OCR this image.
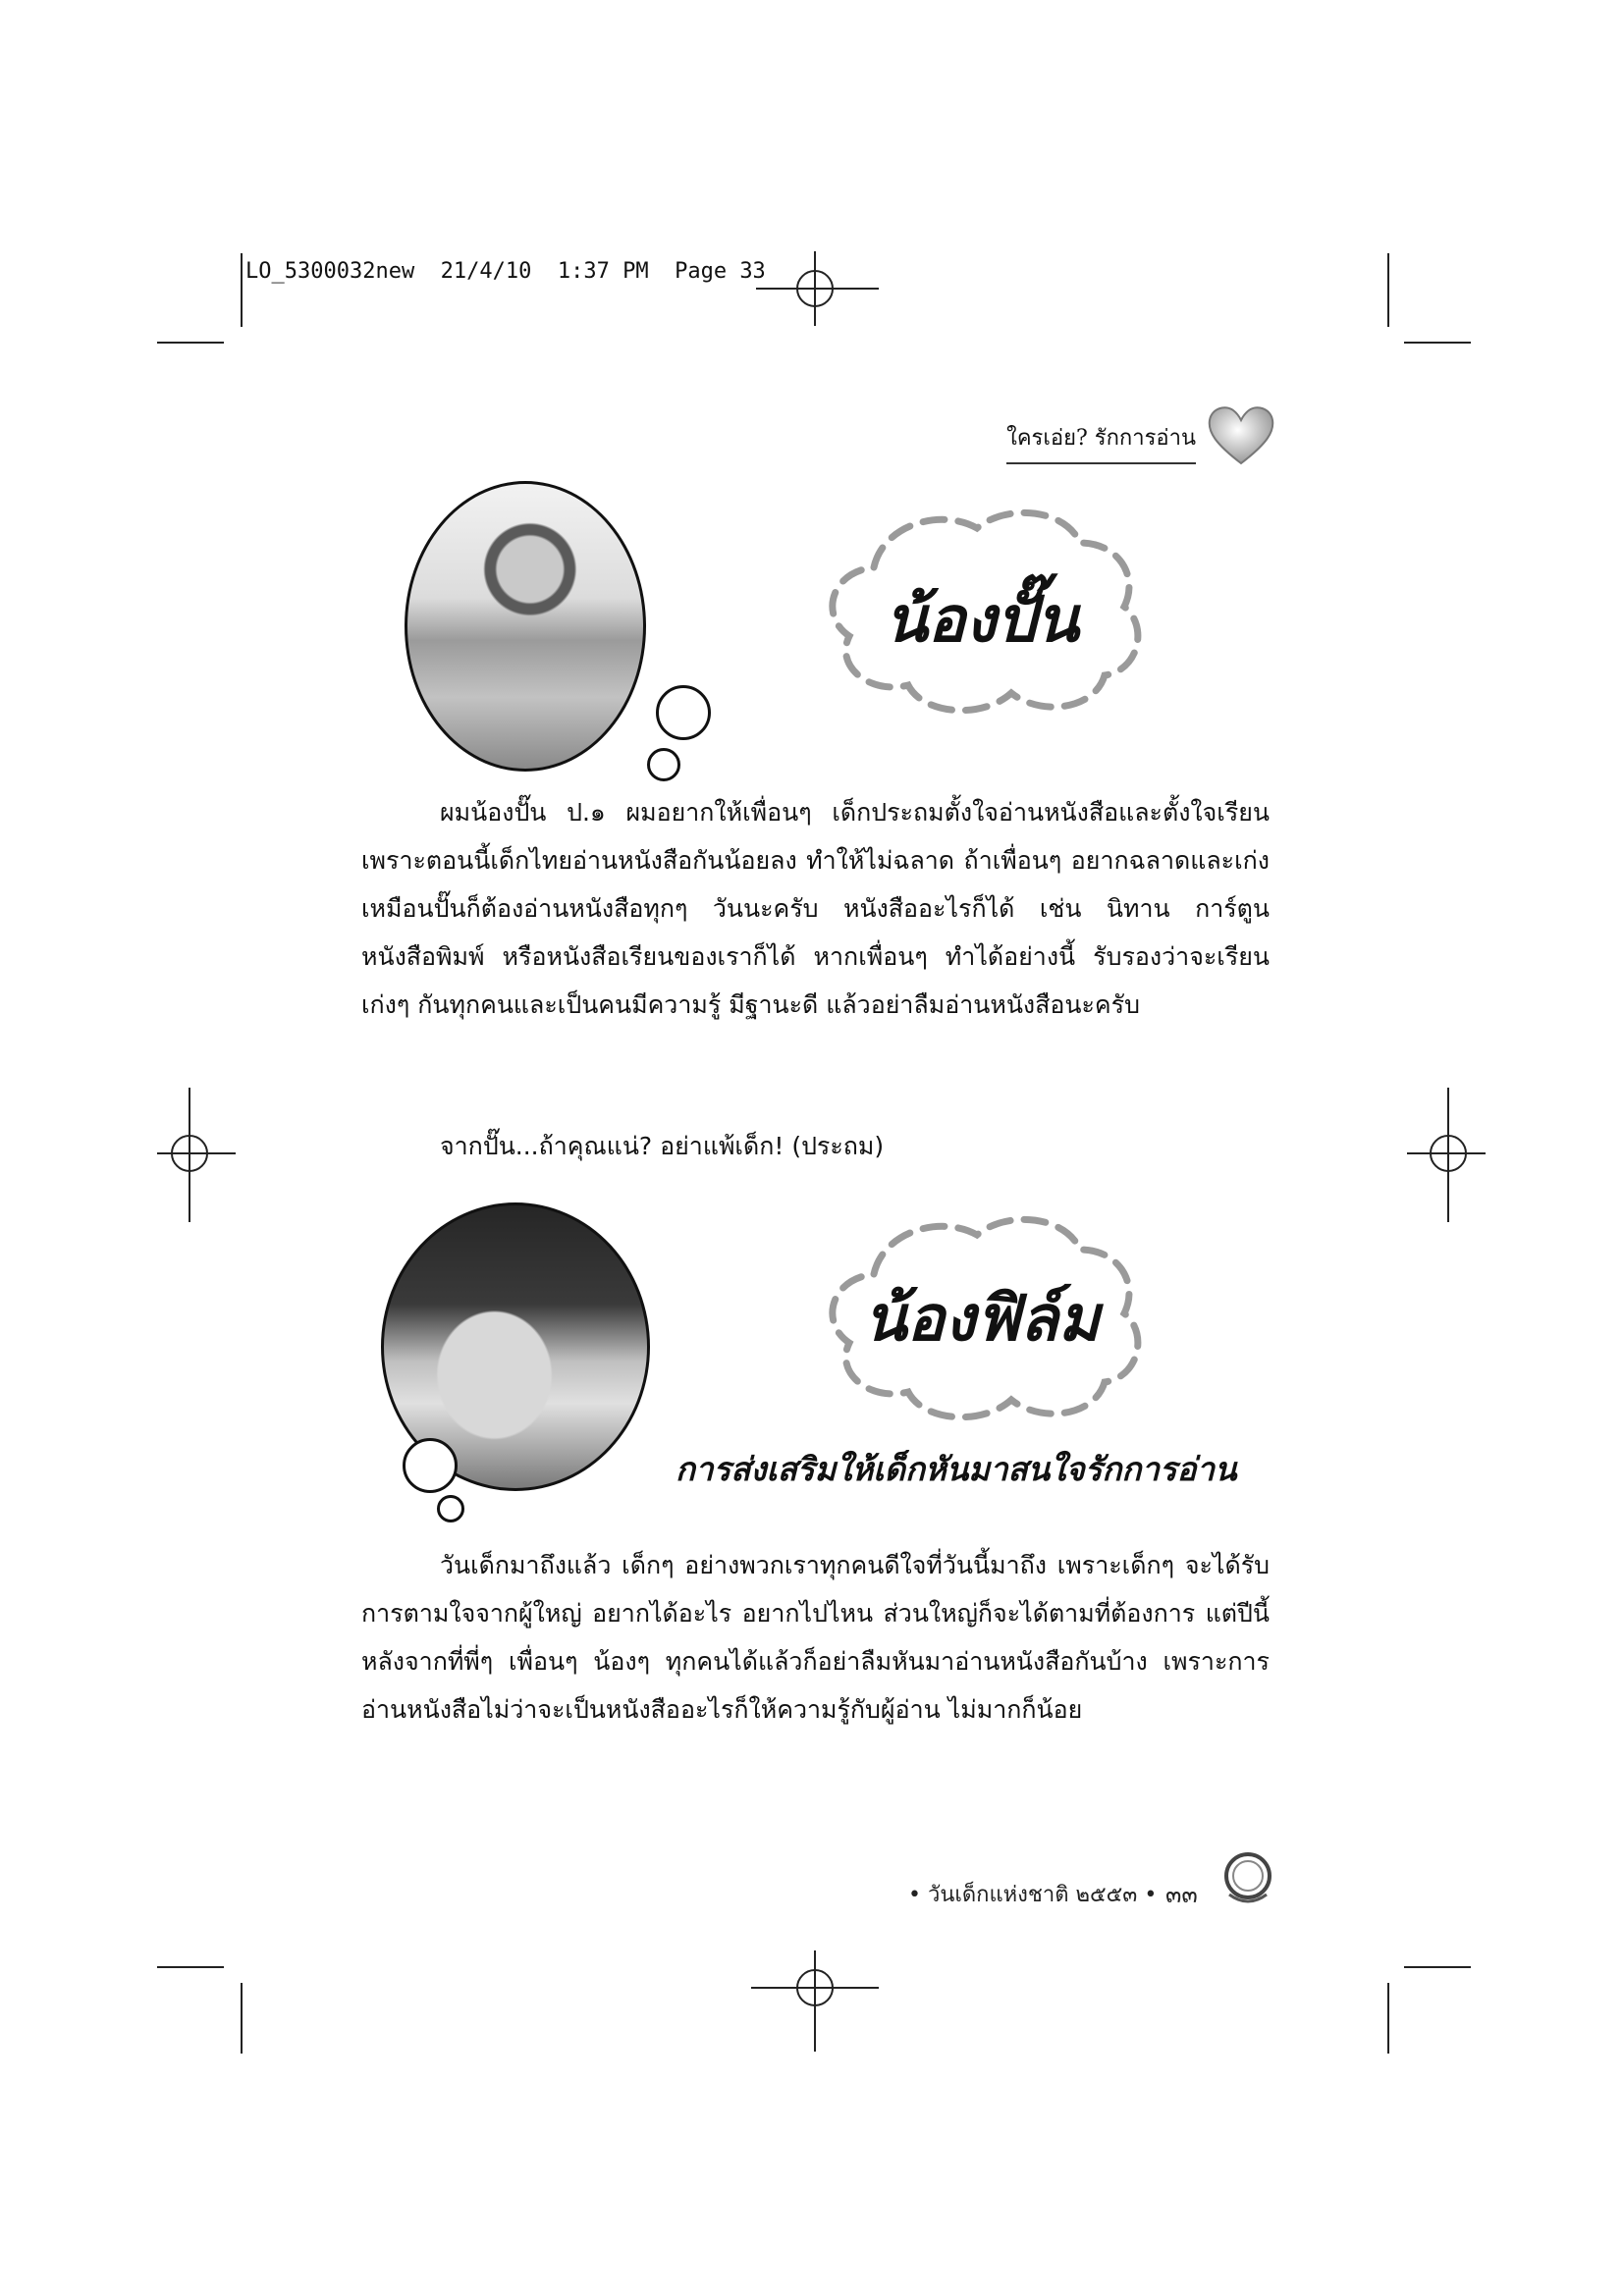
LO_5300032new  21/4/10  1:37 PM  Page 33
ใครเอ่ย? รักการอ่าน
น้องปั๊น

ผมน้องปั๊น ป.๑ ผมอยากให้เพื่อนๆ เด็กประถมตั้งใจอ่านหนังสือและตั้งใจเรียน เพราะตอนนี้เด็กไทยอ่านหนังสือกันน้อยลง ทำให้ไม่ฉลาด ถ้าเพื่อนๆ อยากฉลาดและเก่งเหมือนปั๊นก็ต้องอ่านหนังสือทุกๆ วันนะครับ หนังสืออะไรก็ได้ เช่น นิทาน การ์ตูน หนังสือพิมพ์ หรือหนังสือเรียนของเราก็ได้ หากเพื่อนๆ ทำได้อย่างนี้ รับรองว่าจะเรียนเก่งๆ กันทุกคนและเป็นคนมีความรู้ มีฐานะดี แล้วอย่าลืมอ่านหนังสือนะครับ

จากปั๊น...ถ้าคุณแน่? อย่าแพ้เด็ก! (ประถม)

น้องฟิล์ม
การส่งเสริมให้เด็กหันมาสนใจรักการอ่าน

วันเด็กมาถึงแล้ว เด็กๆ อย่างพวกเราทุกคนดีใจที่วันนี้มาถึง เพราะเด็กๆ จะได้รับการตามใจจากผู้ใหญ่ อยากได้อะไร อยากไปไหน ส่วนใหญ่ก็จะได้ตามที่ต้องการ แต่ปีนี้หลังจากที่พี่ๆ เพื่อนๆ น้องๆ ทุกคนได้แล้วก็อย่าลืมหันมาอ่านหนังสือกันบ้าง เพราะการอ่านหนังสือไม่ว่าจะเป็นหนังสืออะไรก็ให้ความรู้กับผู้อ่าน ไม่มากก็น้อย

• วันเด็กแห่งชาติ ๒๕๕๓ • ๓๓
